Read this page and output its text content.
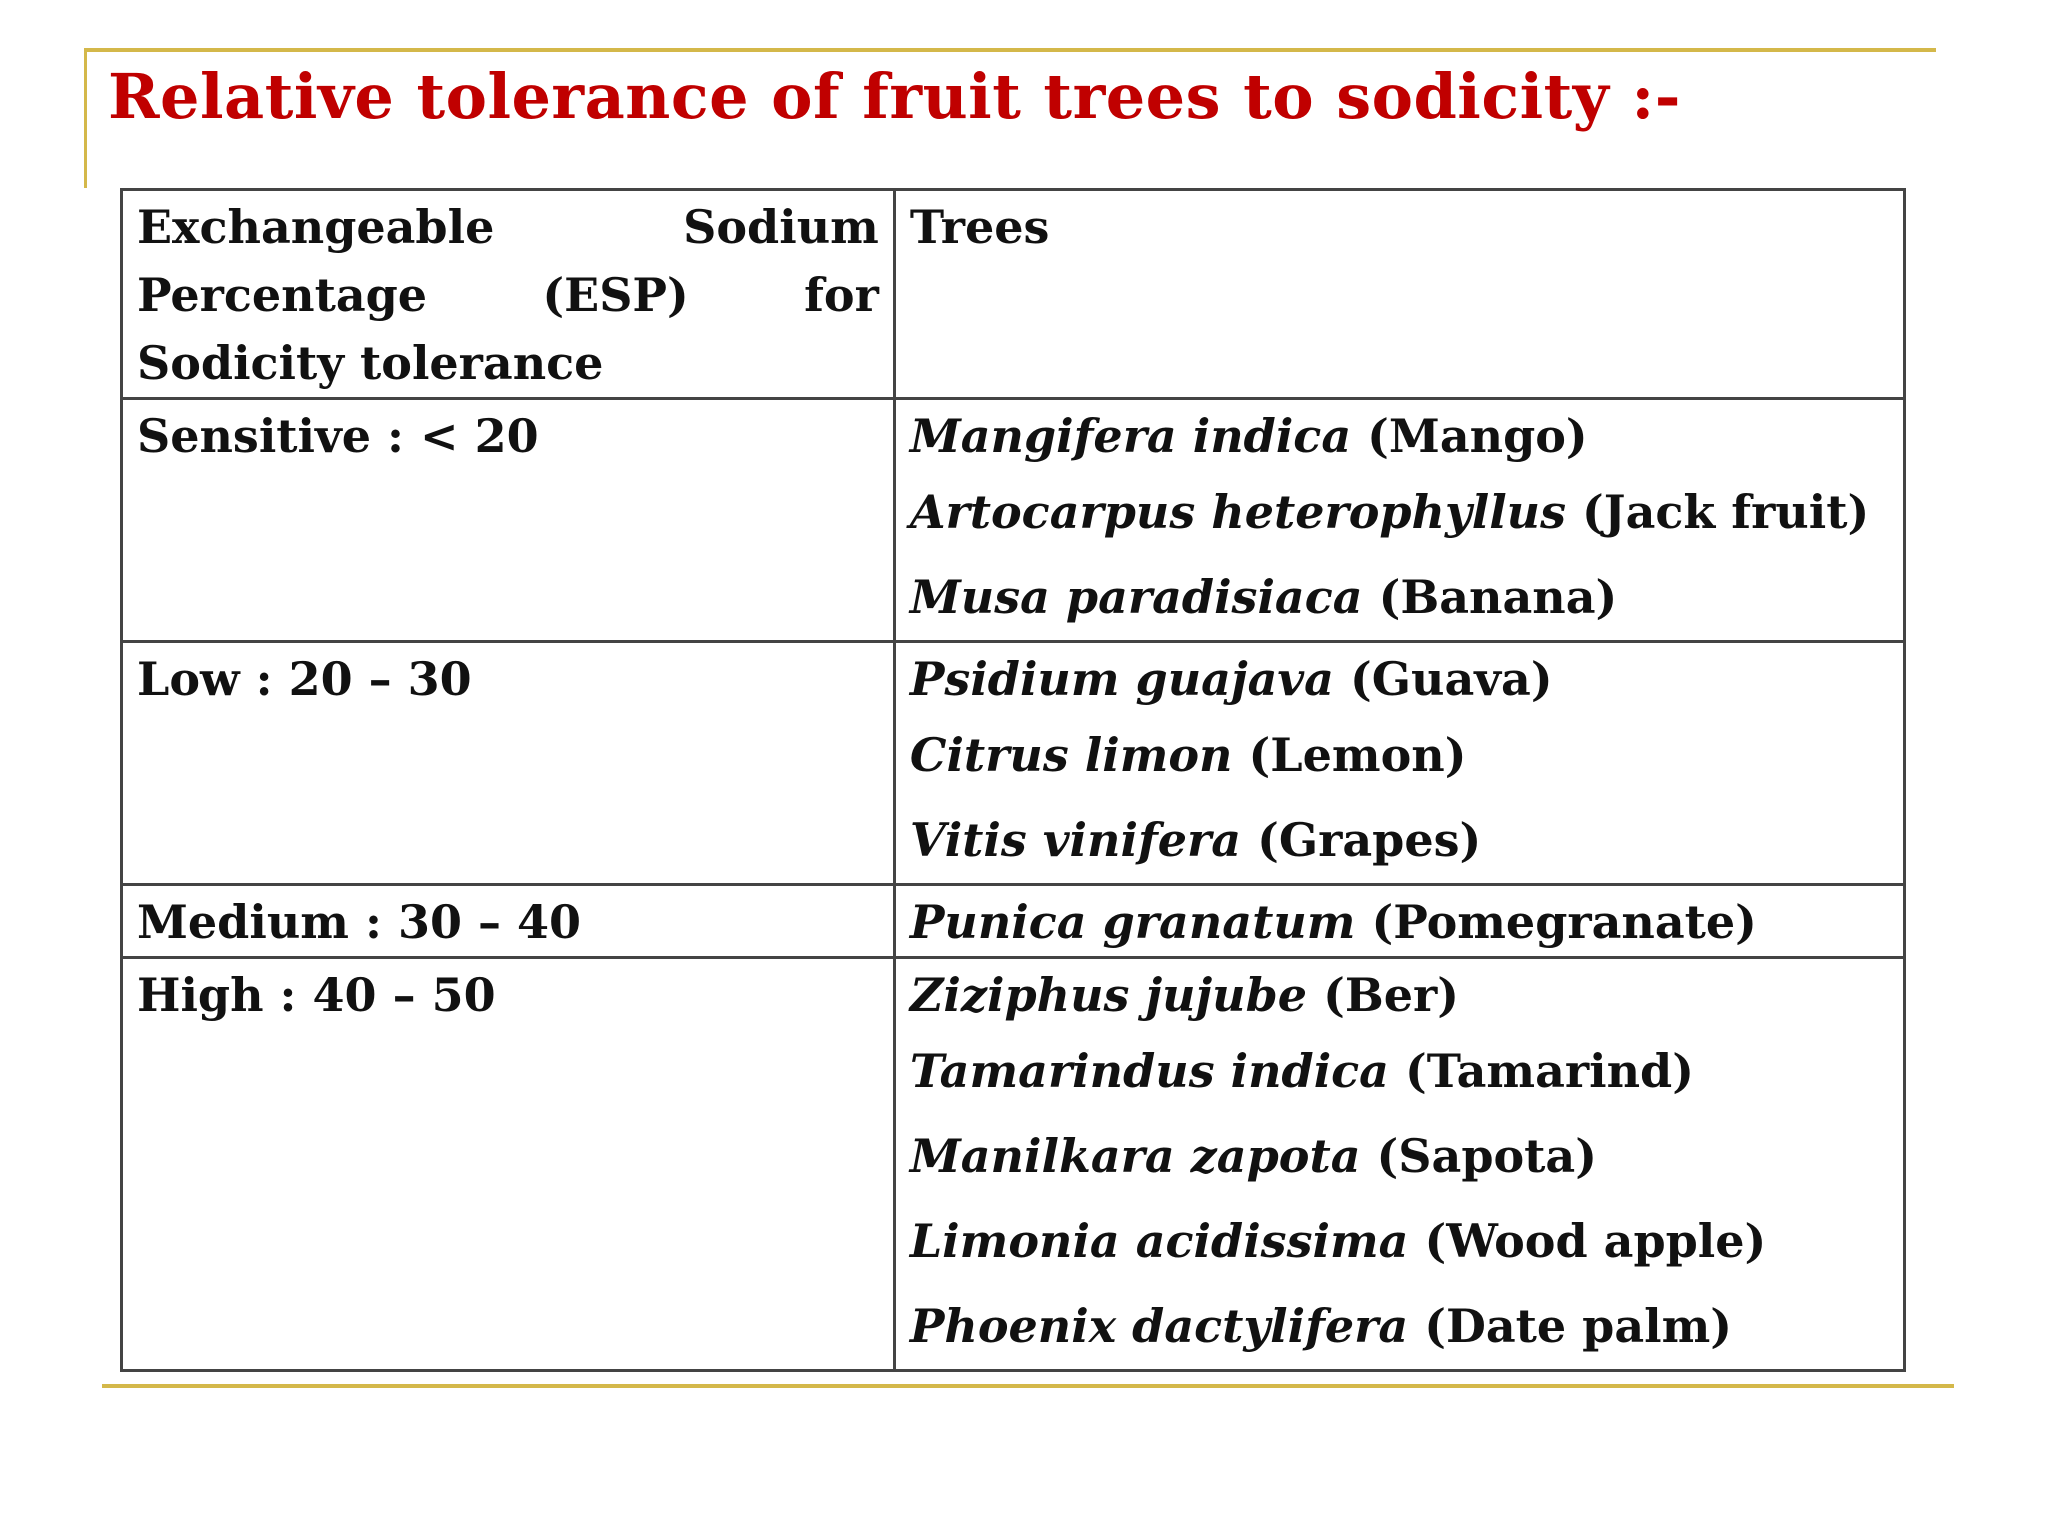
Relative tolerance of fruit trees to sodicity :-
Exchangeable Sodium Percentage (ESP) for Sodicity tolerance	Trees
Sensitive : < 20	Mangifera indica (Mango)
Artocarpus heterophyllus (Jack fruit)
Musa paradisiaca (Banana)

Low : 20 – 30	Psidium guajava (Guava)
Citrus limon (Lemon)
Vitis vinifera (Grapes)

Medium : 30 – 40	Punica granatum (Pomegranate)

High : 40 – 50	Ziziphus jujube (Ber)
Tamarindus indica (Tamarind)
Manilkara zapota (Sapota)
Limonia acidissima (Wood apple)
Phoenix dactylifera (Date palm)
